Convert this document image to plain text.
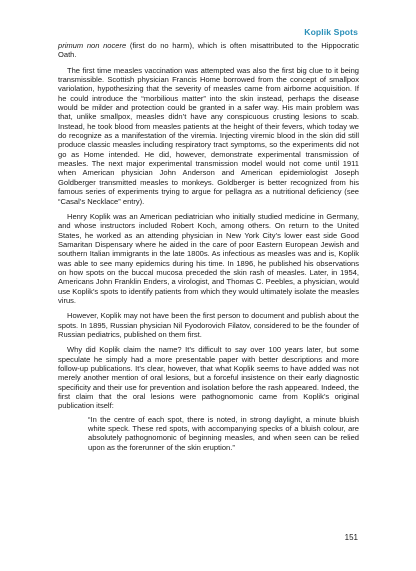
Koplik Spots

primum non nocere (first do no harm), which is often misattributed to the Hippocratic Oath.

The first time measles vaccination was attempted was also the first big clue to it being transmissible. Scottish physician Francis Home borrowed from the concept of smallpox variolation, hypothesizing that the severity of measles came from airborne acquisition. If he could introduce the “morbilious matter” into the skin instead, perhaps the disease would be milder and protection could be granted in a safer way. His main problem was that, unlike smallpox, measles didn’t have any conspicuous crusting lesions to scab. Instead, he took blood from measles patients at the height of their fevers, which today we do recognize as a manifestation of the viremia. Injecting viremic blood in the skin did still produce classic measles including respiratory tract symptoms, so the experiments did not go as Home intended. He did, however, demonstrate experimental transmission of measles. The next major experimental transmission model would not come until 1911 when American physician John Anderson and American epidemiologist Joseph Goldberger transmitted measles to monkeys. Goldberger is better recognized from his famous series of experiments trying to argue for pellagra as a nutritional deficiency (see “Casal’s Necklace” entry).

Henry Koplik was an American pediatrician who initially studied medicine in Germany, and whose instructors included Robert Koch, among others. On return to the United States, he worked as an attending physician in New York City’s lower east side Good Samaritan Dispensary where he aided in the care of poor Eastern European Jewish and southern Italian immigrants in the late 1800s. As infectious as measles was and is, Koplik was able to see many epidemics during his time. In 1896, he published his observations on how spots on the buccal mucosa preceded the skin rash of measles. Later, in 1954, Americans John Franklin Enders, a virologist, and Thomas C. Peebles, a physician, would use Koplik’s spots to identify patients from which they would ultimately isolate the measles virus.

However, Koplik may not have been the first person to document and publish about the spots. In 1895, Russian physician Nil Fyodorovich Filatov, considered to be the founder of Russian pediatrics, published on them first.

Why did Koplik claim the name? It’s difficult to say over 100 years later, but some speculate he simply had a more presentable paper with better descriptions and more follow-up publications. It’s clear, however, that what Koplik seems to have added was not merely another mention of oral lesions, but a forceful insistence on their early diagnostic specificity and their use for prevention and isolation before the rash appeared. Indeed, the first claim that the oral lesions were pathognomonic came from Koplik’s original publication itself:

“In the centre of each spot, there is noted, in strong daylight, a minute bluish white speck. These red spots, with accompanying specks of a bluish colour, are absolutely pathognomonic of beginning measles, and when seen can be relied upon as the forerunner of the skin eruption.”
151
